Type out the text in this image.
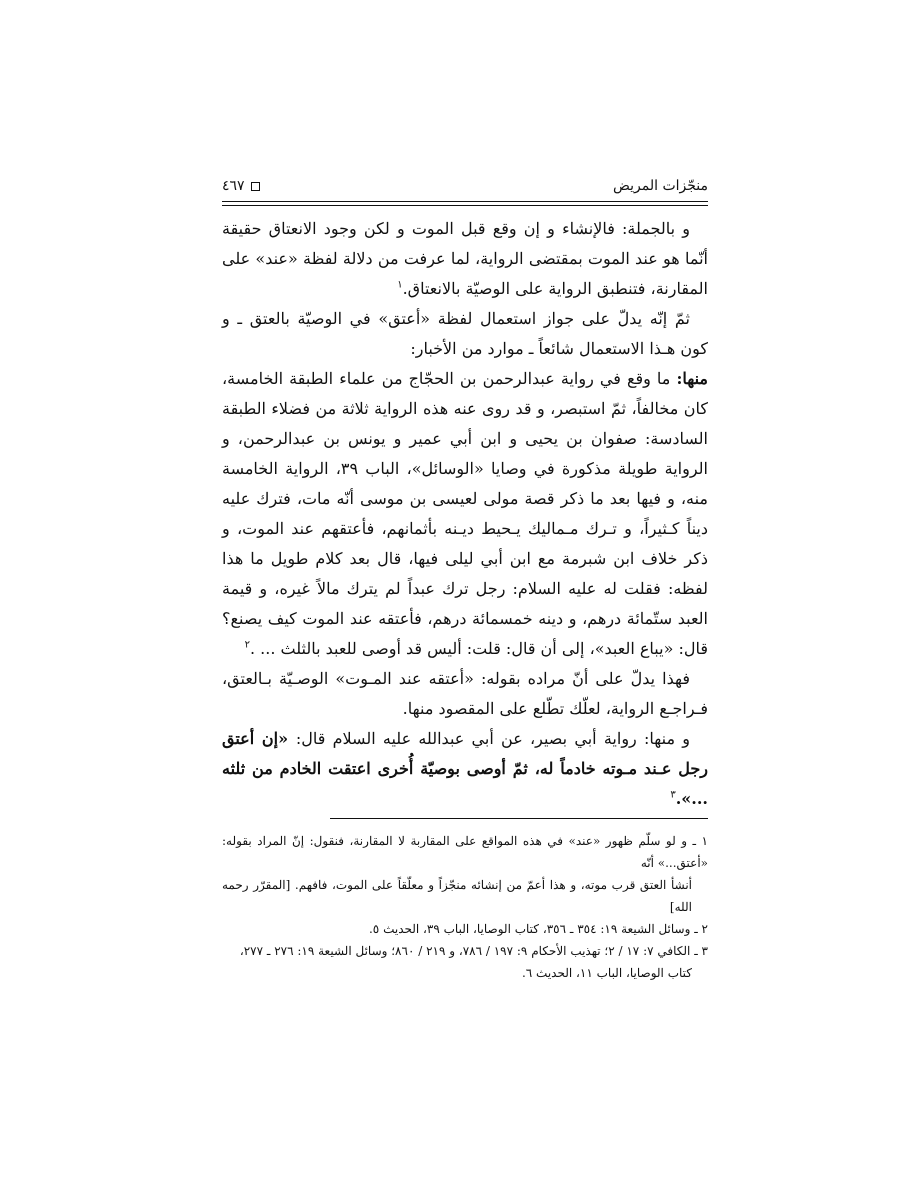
منجّزات المريض
٤٦٧

و بالجملة: فالإنشاء و إن وقع قبل الموت و لكن وجود الانعتاق حقيقة أنّما هو عند الموت بمقتضى الرواية، لما عرفت من دلالة لفظة «عند» على المقارنة، فتنطبق الرواية على الوصيّة بالانعتاق.$^١$

ثمّ إنّه يدلّ على جواز استعمال لفظة «أعتق» في الوصيّة بالعتق ـ و كون هـذا الاستعمال شائعاً ـ موارد من الأخبار:

منها: ما وقع في رواية عبدالرحمن بن الحجّاج من علماء الطبقة الخامسة، كان مخالفاً، ثمّ استبصر، و قد روى عنه هذه الرواية ثلاثة من فضلاء الطبقة السادسة: صفوان بن يحيى و ابن أبي عمير و يونس بن عبدالرحمن، و الرواية طويلة مذكورة في وصايا «الوسائل»، الباب ٣٩، الرواية الخامسة منه، و فيها بعد ما ذكر قصة مولى لعيسى بن موسى أنّه مات، فترك عليه ديناً كـثيراً، و تـرك مـماليك يـحيط ديـنه بأثمانهم، فأعتقهم عند الموت، و ذكر خلاف ابن شبرمة مع ابن أبي ليلى فيها، قال بعد كلام طويل ما هذا لفظه: فقلت له عليه السلام: رجل ترك عبداً لم يترك مالاً غيره، و قيمة العبد ستّمائة درهم، و دينه خمسمائة درهم، فأعتقه عند الموت كيف يصنع؟ قال: «يباع العبد»، إلى أن قال: قلت: أليس قد أوصى للعبد بالثلث ... .$^٢$

فهذا يدلّ على أنّ مراده بقوله: «أعتقه عند المـوت» الوصـيّة بـالعتق، فـراجـع الرواية، لعلّك تطّلع على المقصود منها.

و منها: رواية أبي بصير، عن أبي عبدالله عليه السلام قال: «إن أعتق رجل عـند مـوته خادماً له، ثمّ أوصى بوصيّة أُخرى اعتقت الخادم من ثلثه ...».$^٣$

١ ـ و لو سلّم ظهور «عند» في هذه المواقع على المقاربة لا المقارنة، فنقول: إنّ المراد بقوله: «أعتق...» أنّه

أنشأ العتق قرب موته، و هذا أعمّ من إنشائه منجّزاً و معلّقاً على الموت، فافهم. [المقرّر رحمه الله]

٢ ـ وسائل الشيعة ١٩: ٣٥٤ ـ ٣٥٦، كتاب الوصايا، الباب ٣٩، الحديث ٥.

٣ ـ الكافي ٧: ١٧ / ٢؛ تهذيب الأحكام ٩: ١٩٧ / ٧٨٦، و ٢١٩ / ٨٦٠؛ وسائل الشيعة ١٩: ٢٧٦ ـ ٢٧٧،

كتاب الوصايا، الباب ١١، الحديث ٦.
